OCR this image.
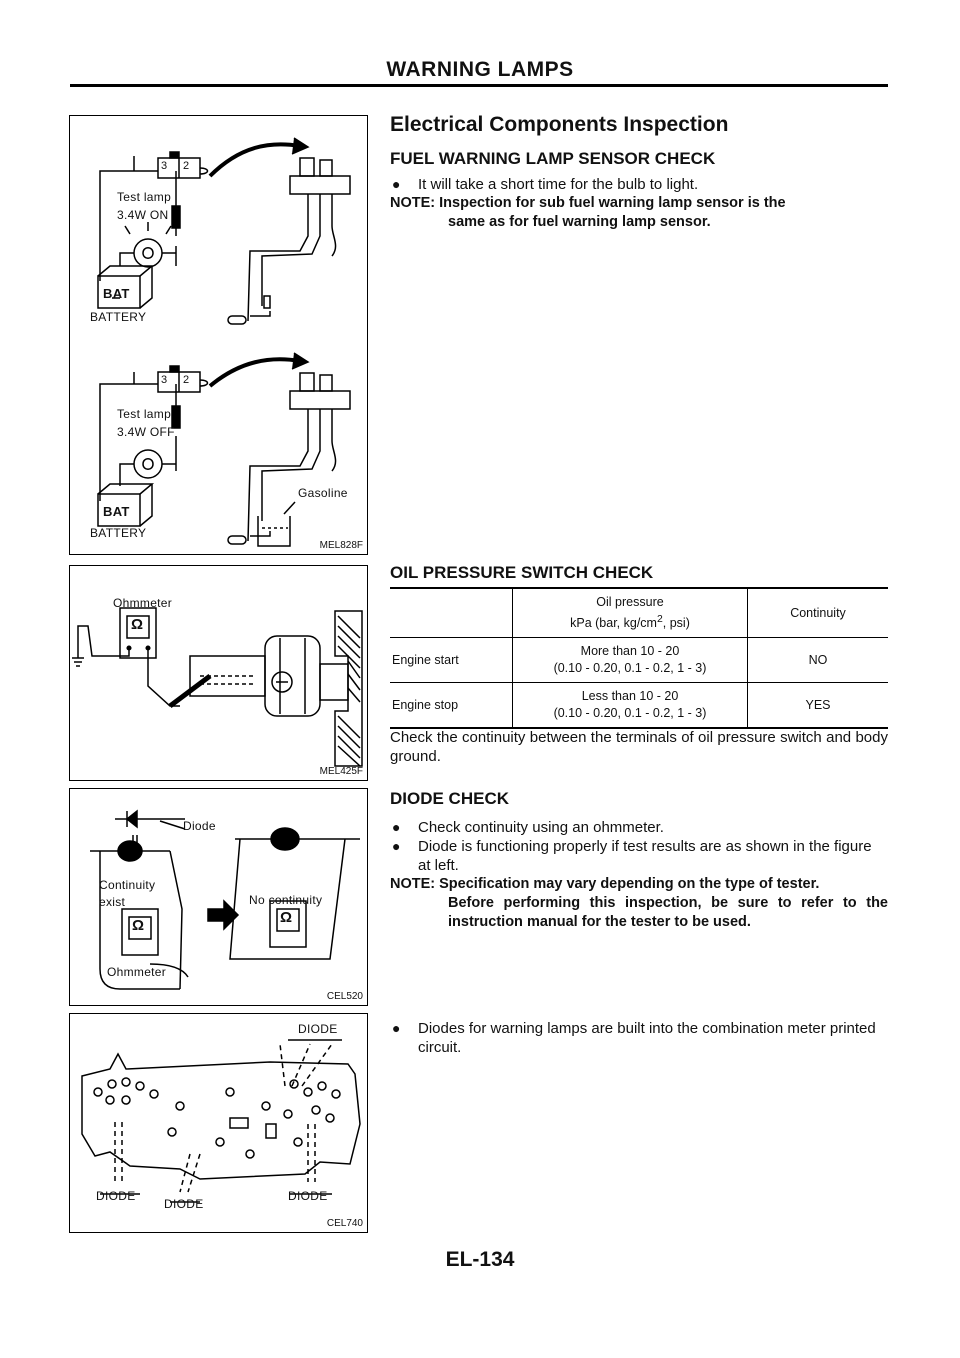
WARNING LAMPS
Test lamp
3.4W ON
BAT
BATTERY
3 2
Test lamp
3.4W OFF
BAT
BATTERY
3 2
Gasoline
MEL828F
Ohmmeter
Ω
MEL425F
Diode
Continuity
exist	No continuity
Ohmmeter
Ω	Ω
CEL520
DIODE
DIODE
DIODE
DIODE
CEL740
Electrical Components Inspection
FUEL WARNING LAMP SENSOR CHECK
● It will take a short time for the bulb to light.
NOTE: Inspection for sub fuel warning lamp sensor is the
same as for fuel warning lamp sensor.
OIL PRESSURE SWITCH CHECK
	Oil pressure
kPa (bar, $kg/cm^2$, psi)	Continuity
Engine start	More than 10 - 20
(0.10 - 0.20, 0.1 - 0.2, 1 - 3)	NO
Engine stop	Less than 10 - 20
(0.10 - 0.20, 0.1 - 0.2, 1 - 3)	YES
Check the continuity between the terminals of oil pressure switch and body ground.
DIODE CHECK
● Check continuity using an ohmmeter.
● Diode is functioning properly if test results are as shown in the figure at left.
NOTE: Specification may vary depending on the type of tester.
Before performing this inspection, be sure to refer to the instruction manual for the tester to be used.
● Diodes for warning lamps are built into the combination meter printed circuit.
EL-134
